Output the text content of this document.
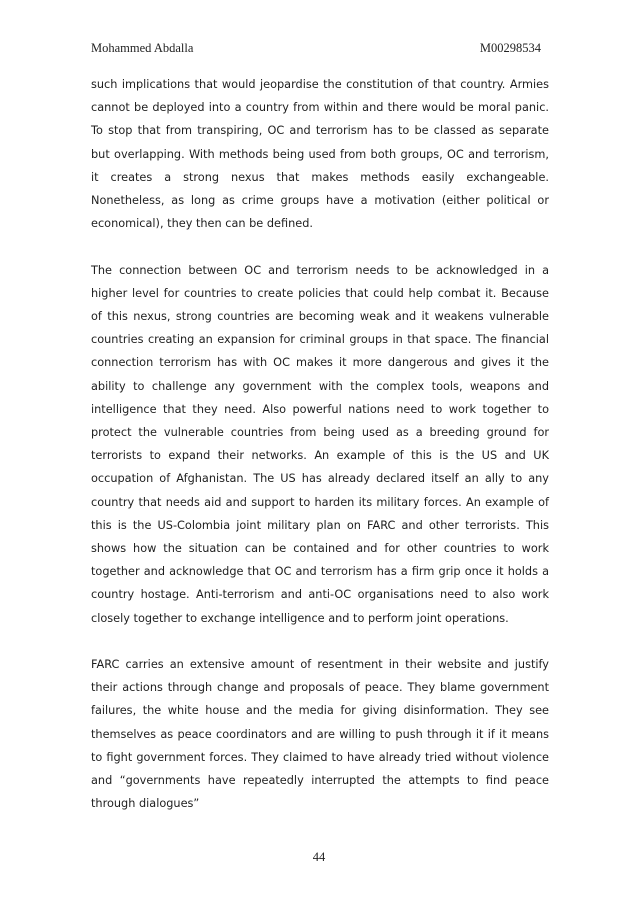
Mohammed Abdalla	M00298534

such implications that would jeopardise the constitution of that country. Armies cannot be deployed into a country from within and there would be moral panic. To stop that from transpiring, OC and terrorism has to be classed as separate but overlapping. With methods being used from both groups, OC and terrorism, it creates a strong nexus that makes methods easily exchangeable. Nonetheless, as long as crime groups have a motivation (either political or economical), they then can be defined.

The connection between OC and terrorism needs to be acknowledged in a higher level for countries to create policies that could help combat it. Because of this nexus, strong countries are becoming weak and it weakens vulnerable countries creating an expansion for criminal groups in that space. The financial connection terrorism has with OC makes it more dangerous and gives it the ability to challenge any government with the complex tools, weapons and intelligence that they need. Also powerful nations need to work together to protect the vulnerable countries from being used as a breeding ground for terrorists to expand their networks. An example of this is the US and UK occupation of Afghanistan. The US has already declared itself an ally to any country that needs aid and support to harden its military forces. An example of this is the US-Colombia joint military plan on FARC and other terrorists. This shows how the situation can be contained and for other countries to work together and acknowledge that OC and terrorism has a firm grip once it holds a country hostage. Anti-terrorism and anti-OC organisations need to also work closely together to exchange intelligence and to perform joint operations.

FARC carries an extensive amount of resentment in their website and justify their actions through change and proposals of peace. They blame government failures, the white house and the media for giving disinformation. They see themselves as peace coordinators and are willing to push through it if it means to fight government forces. They claimed to have already tried without violence and “governments have repeatedly interrupted the attempts to find peace through dialogues”

44
